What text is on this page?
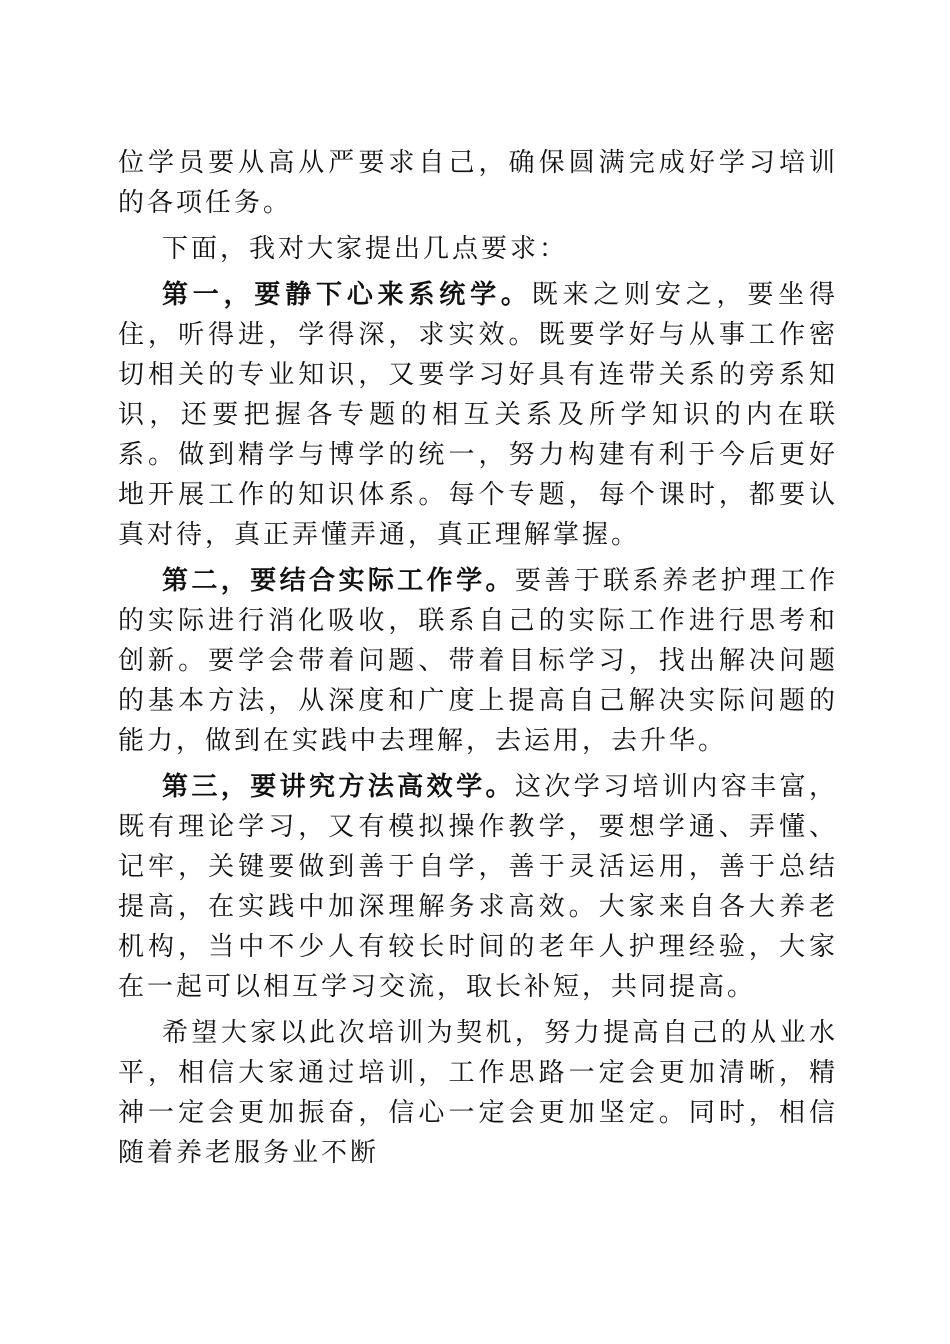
位学员要从高从严要求自己，确保圆满完成好学习培训的各项任务。

下面，我对大家提出几点要求：

第一，要静下心来系统学。既来之则安之，要坐得住，听得进，学得深，求实效。既要学好与从事工作密切相关的专业知识，又要学习好具有连带关系的旁系知识，还要把握各专题的相互关系及所学知识的内在联系。做到精学与博学的统一，努力构建有利于今后更好地开展工作的知识体系。每个专题，每个课时，都要认真对待，真正弄懂弄通，真正理解掌握。

第二，要结合实际工作学。要善于联系养老护理工作的实际进行消化吸收，联系自己的实际工作进行思考和创新。要学会带着问题、带着目标学习，找出解决问题的基本方法，从深度和广度上提高自己解决实际问题的能力，做到在实践中去理解，去运用，去升华。

第三，要讲究方法高效学。这次学习培训内容丰富，既有理论学习，又有模拟操作教学，要想学通、弄懂、记牢，关键要做到善于自学，善于灵活运用，善于总结提高，在实践中加深理解务求高效。大家来自各大养老机构，当中不少人有较长时间的老年人护理经验，大家在一起可以相互学习交流，取长补短，共同提高。

希望大家以此次培训为契机，努力提高自己的从业水平，相信大家通过培训，工作思路一定会更加清晰，精神一定会更加振奋，信心一定会更加坚定。同时，相信随着养老服务业不断
